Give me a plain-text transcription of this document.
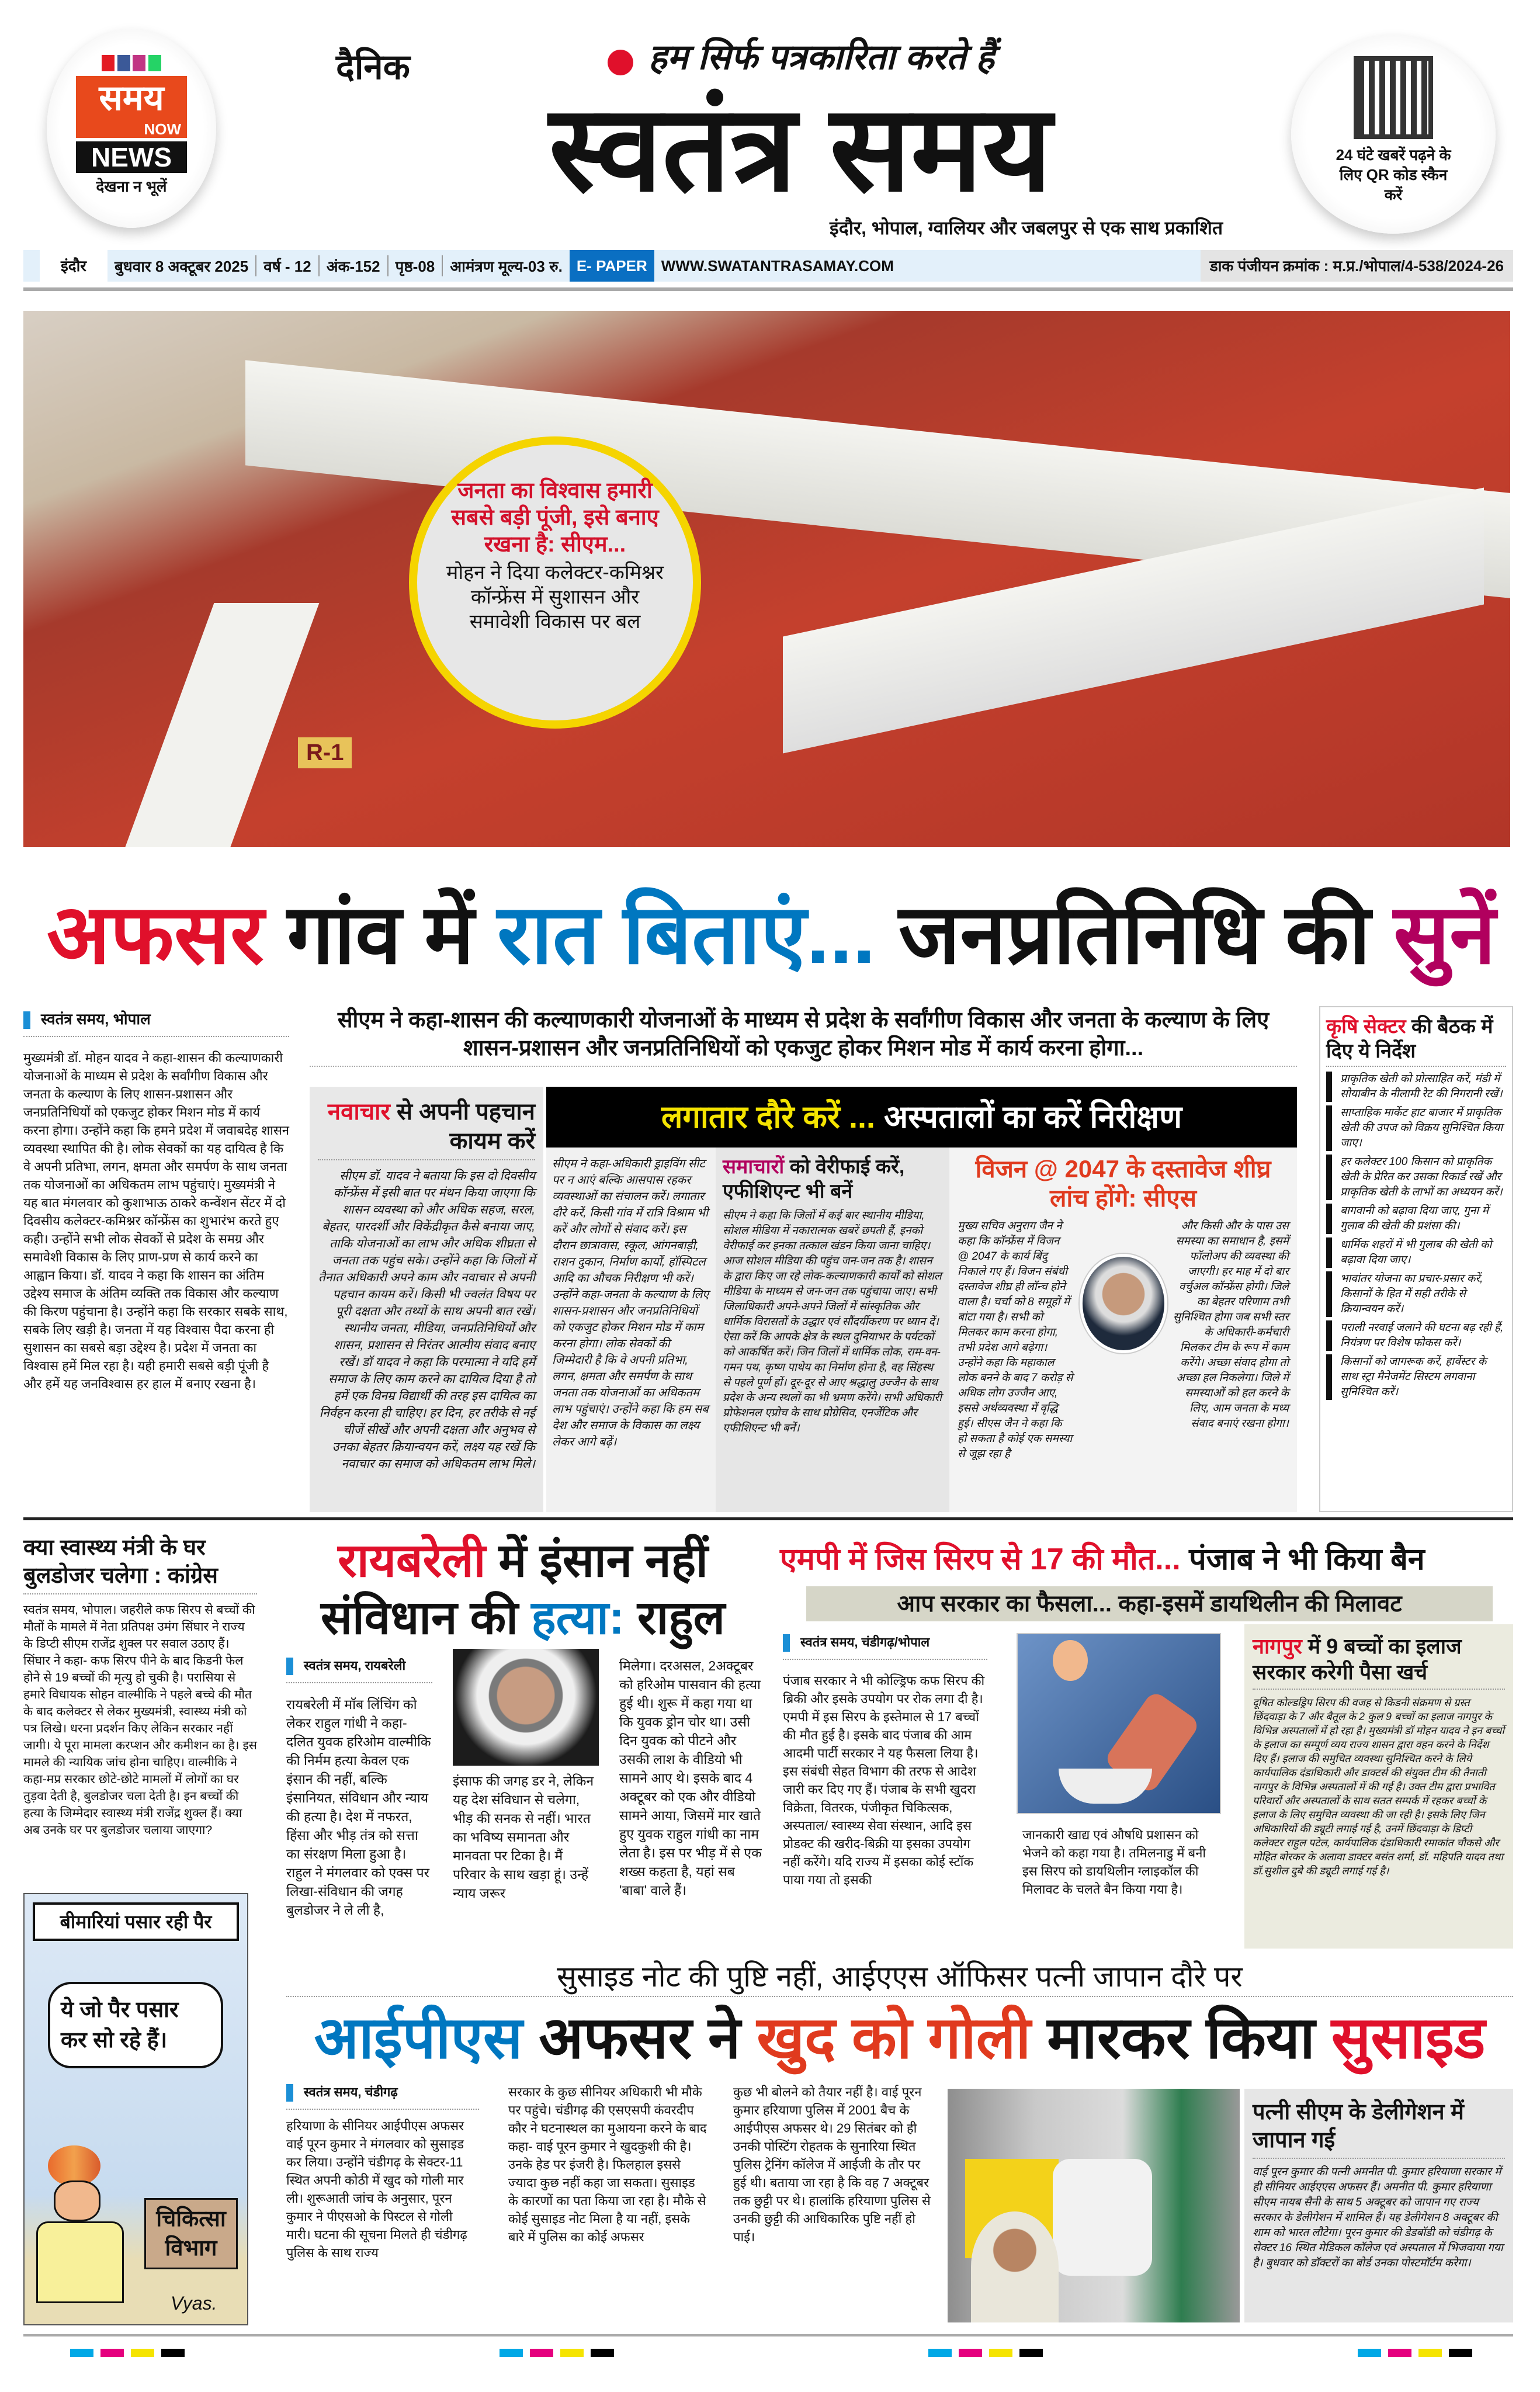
समय
NOW
NEWS
देखना न भूलें
दैनिक	हम सिर्फ पत्रकारिता करते हैं
स्वतंत्र समय
इंदौर, भोपाल, ग्वालियर और जबलपुर से एक साथ प्रकाशित
24 घंटे खबरें पढ़ने के लिए QR कोड स्कैन करें
इंदौर	बुधवार 8 अक्टूबर 2025	वर्ष - 12	अंक-152	पृष्ठ-08	आमंत्रण मूल्य-03 रु. E- PAPER WWW.SWATANTRASAMAY.COM	डाक पंजीयन क्रमांक : म.प्र./भोपाल/4-538/2024-26
R-1
जनता का विश्वास हमारी सबसे बड़ी पूंजी, इसे बनाए रखना है: सीएम...
मोहन ने दिया कलेक्टर-कमिश्नर कॉन्फ्रेंस में सुशासन और समावेशी विकास पर बल
अफसर गांव में रात बिताएं... जनप्रतिनिधि की सुनें
स्वतंत्र समय, भोपाल

मुख्यमंत्री डॉ. मोहन यादव ने कहा-शासन की कल्याणकारी योजनाओं के माध्यम से प्रदेश के सर्वांगीण विकास और जनता के कल्याण के लिए शासन-प्रशासन और जनप्रतिनिधियों को एकजुट होकर मिशन मोड में कार्य करना होगा। उन्होंने कहा कि हमने प्रदेश में जवाबदेह शासन व्यवस्था स्थापित की है। लोक सेवकों का यह दायित्व है कि वे अपनी प्रतिभा, लगन, क्षमता और समर्पण के साथ जनता तक योजनाओं का अधिकतम लाभ पहुंचाएं। मुख्यमंत्री ने यह बात मंगलवार को कुशाभाऊ ठाकरे कन्वेंशन सेंटर में दो दिवसीय कलेक्टर-कमिश्नर कॉन्फ्रेंस का शुभारंभ करते हुए कही। उन्होंने सभी लोक सेवकों से प्रदेश के समग्र और समावेशी विकास के लिए प्राण-प्रण से कार्य करने का आह्वान किया। डॉ. यादव ने कहा कि शासन का अंतिम उद्देश्य समाज के अंतिम व्यक्ति तक विकास और कल्याण की किरण पहुंचाना है। उन्होंने कहा कि सरकार सबके साथ, सबके लिए खड़ी है। जनता में यह विश्वास पैदा करना ही सुशासन का सबसे बड़ा उद्देश्य है। प्रदेश में जनता का विश्वास हमें मिल रहा है। यही हमारी सबसे बड़ी पूंजी है और हमें यह जनविश्वास हर हाल में बनाए रखना है।

सीएम ने कहा-शासन की कल्याणकारी योजनाओं के माध्यम से प्रदेश के सर्वांगीण विकास और जनता के कल्याण के लिए शासन-प्रशासन और जनप्रतिनिधियों को एकजुट होकर मिशन मोड में कार्य करना होगा...
नवाचार से अपनी पहचान कायम करें

सीएम डॉ. यादव ने बताया कि इस दो दिवसीय कॉन्फ्रेंस में इसी बात पर मंथन किया जाएगा कि शासन व्यवस्था को और अधिक सहज, सरल, बेहतर, पारदर्शी और विकेंद्रीकृत कैसे बनाया जाए, ताकि योजनाओं का लाभ और अधिक शीघ्रता से जनता तक पहुंच सके। उन्होंने कहा कि जिलों में तैनात अधिकारी अपने काम और नवाचार से अपनी पहचान कायम करें। किसी भी ज्वलंत विषय पर पूरी दक्षता और तथ्यों के साथ अपनी बात रखें। स्थानीय जनता, मीडिया, जनप्रतिनिधियों और शासन, प्रशासन से निरंतर आत्मीय संवाद बनाए रखें। डॉ यादव ने कहा कि परमात्मा ने यदि हमें समाज के लिए काम करने का दायित्व दिया है तो हमें एक विनम्र विद्यार्थी की तरह इस दायित्व का निर्वहन करना ही चाहिए। हर दिन, हर तरीके से नई चीजें सीखें और अपनी दक्षता और अनुभव से उनका बेहतर क्रियान्वयन करें, लक्ष्य यह रखें कि नवाचार का समाज को अधिकतम लाभ मिले।

लगातार दौरे करें ... अस्पतालों का करें निरीक्षण

सीएम ने कहा-अधिकारी ड्राइविंग सीट पर न आएं बल्कि आसपास रहकर व्यवस्थाओं का संचालन करें। लगातार दौरे करें, किसी गांव में रात्रि विश्राम भी करें और लोगों से संवाद करें। इस दौरान छात्रावास, स्कूल, आंगनबाड़ी, राशन दुकान, निर्माण कार्यों, हॉस्पिटल आदि का औचक निरीक्षण भी करें। उन्होंने कहा-जनता के कल्याण के लिए शासन-प्रशासन और जनप्रतिनिधियों को एकजुट होकर मिशन मोड में काम करना होगा। लोक सेवकों की जिम्मेदारी है कि वे अपनी प्रतिभा, लगन, क्षमता और समर्पण के साथ जनता तक योजनाओं का अधिकतम लाभ पहुंचाएं। उन्होंने कहा कि हम सब देश और समाज के विकास का लक्ष्य लेकर आगे बढ़ें।

समाचारों को वेरीफाई करें, एफीशिएन्ट भी बनें

सीएम ने कहा कि जिलों में कई बार स्थानीय मीडिया, सोशल मीडिया में नकारात्मक खबरें छपती हैं, इनको वेरीफाई कर इनका तत्काल खंडन किया जाना चाहिए। आज सोशल मीडिया की पहुंच जन-जन तक है। शासन के द्वारा किए जा रहे लोक-कल्याणकारी कार्यों को सोशल मीडिया के माध्यम से जन-जन तक पहुंचाया जाए। सभी जिलाधिकारी अपने-अपने जिलों में सांस्कृतिक और धार्मिक विरासतों के उद्धार एवं सौंदर्यीकरण पर ध्यान दें। ऐसा करें कि आपके क्षेत्र के स्थल दुनियाभर के पर्यटकों को आकर्षित करें। जिन जिलों में धार्मिक लोक, राम-वन-गमन पथ, कृष्ण पाथेय का निर्माण होना है, वह सिंहस्थ से पहले पूर्ण हों। दूर-दूर से आए श्रद्धालु उज्जैन के साथ प्रदेश के अन्य स्थलों का भी भ्रमण करेंगे। सभी अधिकारी प्रोफेशनल एप्रोच के साथ प्रोग्रेसिव, एनर्जेटिक और एफीशिएन्ट भी बनें।

विजन @ 2047 के दस्तावेज शीघ्र लांच होंगे: सीएस

मुख्य सचिव अनुराग जैन ने कहा कि कॉन्फ्रेंस में विजन @ 2047 के कार्य बिंदु निकाले गए हैं। विजन संबंधी दस्तावेज शीघ्र ही लॉन्च होने वाला है। चर्चा को 8 समूहों में बांटा गया है। सभी को मिलकर काम करना होगा, तभी प्रदेश आगे बढ़ेगा। उन्होंने कहा कि महाकाल लोक बनने के बाद 7 करोड़ से अधिक लोग उज्जैन आए, इससे अर्थव्यवस्था में वृद्धि हुई। सीएस जैन ने कहा कि हो सकता है कोई एक समस्या से जूझ रहा है

और किसी और के पास उस समस्या का समाधान है, इसमें फॉलोअप की व्यवस्था की जाएगी। हर माह में दो बार वर्चुअल कॉन्फ्रेंस होगी। जिले का बेहतर परिणाम तभी सुनिश्चित होगा जब सभी स्तर के अधिकारी-कर्मचारी मिलकर टीम के रूप में काम करेंगे। अच्छा संवाद होगा तो अच्छा हल निकलेगा। जिले में समस्याओं को हल करने के लिए, आम जनता के मध्य संवाद बनाएं रखना होगा।

कृषि सेक्टर की बैठक में दिए ये निर्देश
प्राकृतिक खेती को प्रोत्साहित करें, मंडी में सोयाबीन के नीलामी रेट की निगरानी रखें।
साप्ताहिक मार्केट हाट बाजार में प्राकृतिक खेती की उपज को विक्रय सुनिश्चित किया जाए।
हर कलेक्टर 100 किसान को प्राकृतिक खेती के प्रेरित कर उसका रिकार्ड रखें और प्राकृतिक खेती के लाभों का अध्ययन करें।
बागवानी को बढ़ावा दिया जाए, गुना में गुलाब की खेती की प्रशंसा की।
धार्मिक शहरों में भी गुलाब की खेती को बढ़ावा दिया जाए।
भावांतर योजना का प्रचार-प्रसार करें, किसानों के हित में सही तरीके से क्रियान्वयन करें।
पराली नरवाई जलाने की घटना बढ़ रही हैं, नियंत्रण पर विशेष फोकस करें।
किसानों को जागरूक करें, हार्वेस्टर के साथ स्ट्रा मैनेजमेंट सिस्टम लगवाना सुनिश्चित करें।
क्या स्वास्थ्य मंत्री के घर बुलडोजर चलेगा : कांग्रेस

स्वतंत्र समय, भोपाल। जहरीले कफ सिरप से बच्चों की मौतों के मामले में नेता प्रतिपक्ष उमंग सिंघार ने राज्य के डिप्टी सीएम राजेंद्र शुक्ल पर सवाल उठाए हैं। सिंघार ने कहा- कफ सिरप पीने के बाद किडनी फेल होने से 19 बच्चों की मृत्यु हो चुकी है। परासिया से हमारे विधायक सोहन वाल्मीकि ने पहले बच्चे की मौत के बाद कलेक्टर से लेकर मुख्यमंत्री, स्वास्थ्य मंत्री को पत्र लिखे। धरना प्रदर्शन किए लेकिन सरकार नहीं जागी। ये पूरा मामला करप्शन और कमीशन का है। इस मामले की न्यायिक जांच होना चाहिए। वाल्मीकि ने कहा-मप्र सरकार छोटे-छोटे मामलों में लोगों का घर तुड़वा देती है, बुलडोजर चला देती है। इन बच्चों की हत्या के जिम्मेदार स्वास्थ्य मंत्री राजेंद्र शुक्ल हैं। क्या अब उनके घर पर बुलडोजर चलाया जाएगा?

बीमारियां पसार रही पैर
ये जो पैर पसार कर सो रहे हैं।
चिकित्सा विभाग
Vyas.
रायबरेली में इंसान नहीं
संविधान की हत्या: राहुल
स्वतंत्र समय, रायबरेली

रायबरेली में मॉब लिंचिंग को लेकर राहुल गांधी ने कहा-दलित युवक हरिओम वाल्मीकि की निर्मम हत्या केवल एक इंसान की नहीं, बल्कि इंसानियत, संविधान और न्याय की हत्या है। देश में नफरत, हिंसा और भीड़ तंत्र को सत्ता का संरक्षण मिला हुआ है। राहुल ने मंगलवार को एक्स पर लिखा-संविधान की जगह बुलडोजर ने ले ली है,

इंसाफ की जगह डर ने, लेकिन यह देश संविधान से चलेगा, भीड़ की सनक से नहीं। भारत का भविष्य समानता और मानवता पर टिका है। मैं परिवार के साथ खड़ा हूं। उन्हें न्याय जरूर

मिलेगा। दरअसल, 2अक्टूबर को हरिओम पासवान की हत्या हुई थी। शुरू में कहा गया था कि युवक ड्रोन चोर था। उसी दिन युवक को पीटने और उसकी लाश के वीडियो भी सामने आए थे। इसके बाद 4 अक्टूबर को एक और वीडियो सामने आया, जिसमें मार खाते हुए युवक राहुल गांधी का नाम लेता है। इस पर भीड़ में से एक शख्स कहता है, यहां सब 'बाबा' वाले हैं।

एमपी में जिस सिरप से 17 की मौत... पंजाब ने भी किया बैन
आप सरकार का फैसला... कहा-इसमें डायथिलीन की मिलावट
स्वतंत्र समय, चंडीगढ़/भोपाल

पंजाब सरकार ने भी कोल्ड्रिफ कफ सिरप की ब्रिकी और इसके उपयोग पर रोक लगा दी है। एमपी में इस सिरप के इस्तेमाल से 17 बच्चों की मौत हुई है। इसके बाद पंजाब की आम आदमी पार्टी सरकार ने यह फैसला लिया है। इस संबंधी सेहत विभाग की तरफ से आदेश जारी कर दिए गए हैं। पंजाब के सभी खुदरा विक्रेता, वितरक, पंजीकृत चिकित्सक, अस्पताल/ स्वास्थ्य सेवा संस्थान, आदि इस प्रोडक्ट की खरीद-बिक्री या इसका उपयोग नहीं करेंगे। यदि राज्य में इसका कोई स्टॉक पाया गया तो इसकी

जानकारी खाद्य एवं औषधि प्रशासन को भेजने को कहा गया है। तमिलनाडु में बनी इस सिरप को डायथिलीन ग्लाइकॉल की मिलावट के चलते बैन किया गया है।

नागपुर में 9 बच्चों का इलाज सरकार करेगी पैसा खर्च

दूषित कोल्डड्रिप सिरप की वजह से किडनी संक्रमण से ग्रस्त छिंदवाड़ा के 7 और बैतूल के 2 कुल 9 बच्चों का इलाज नागपुर के विभिन्न अस्पतालों में हो रहा है। मुख्यमंत्री डॉ मोहन यादव ने इन बच्चों के इलाज का सम्पूर्ण व्यय राज्य शासन द्वारा वहन करने के निर्देश दिए हैं। इलाज की समुचित व्यवस्था सुनिश्चित करने के लिये कार्यपालिक दंडाधिकारी और डाक्टर्स की संयुक्त टीम की तैनाती नागपुर के विभिन्न अस्पतालों में की गई है। उक्त टीम द्वारा प्रभावित परिवारों और अस्पतालों के साथ सतत सम्पर्क में रहकर बच्चों के इलाज के लिए समुचित व्यवस्था की जा रही है। इसके लिए जिन अधिकारियों की ड्यूटी लगाई गई है, उनमें छिंदवाड़ा के डिप्टी कलेक्टर राहुल पटेल, कार्यपालिक दंडाधिकारी रमाकांत चौकसे और मोहित बोरकर के अलावा डाक्टर बसंत शर्मा, डॉ. महिपति यादव तथा डॉ.सुशील दुबे की ड्यूटी लगाई गई है।

सुसाइड नोट की पुष्टि नहीं, आईएएस ऑफिसर पत्नी जापान दौरे पर
आईपीएस अफसर ने खुद को गोली मारकर किया सुसाइड
स्वतंत्र समय, चंडीगढ़

हरियाणा के सीनियर आईपीएस अफसर वाई पूरन कुमार ने मंगलवार को सुसाइड कर लिया। उन्होंने चंडीगढ़ के सेक्टर-11 स्थित अपनी कोठी में खुद को गोली मार ली। शुरूआती जांच के अनुसार, पूरन कुमार ने पीएसओ के पिस्टल से गोली मारी। घटना की सूचना मिलते ही चंडीगढ़ पुलिस के साथ राज्य

सरकार के कुछ सीनियर अधिकारी भी मौके पर पहुंचे। चंडीगढ़ की एसएसपी कंवरदीप कौर ने घटनास्थल का मुआयना करने के बाद कहा- वाई पूरन कुमार ने खुदकुशी की है। उनके हेड पर इंजरी है। फिलहाल इससे ज्यादा कुछ नहीं कहा जा सकता। सुसाइड के कारणों का पता किया जा रहा है। मौके से कोई सुसाइड नोट मिला है या नहीं, इसके बारे में पुलिस का कोई अफसर

कुछ भी बोलने को तैयार नहीं है। वाई पूरन कुमार हरियाणा पुलिस में 2001 बैच के आईपीएस अफसर थे। 29 सितंबर को ही उनकी पोस्टिंग रोहतक के सुनारिया स्थित पुलिस ट्रेनिंग कॉलेज में आईजी के तौर पर हुई थी। बताया जा रहा है कि वह 7 अक्टूबर तक छुट्टी पर थे। हालांकि हरियाणा पुलिस से उनकी छुट्टी की आधिकारिक पुष्टि नहीं हो पाई।

पत्नी सीएम के डेलीगेशन में जापान गई

वाई पूरन कुमार की पत्नी अमनीत पी. कुमार हरियाणा सरकार में ही सीनियर आईएएस अफसर हैं। अमनीत पी. कुमार हरियाणा सीएम नायब सैनी के साथ 5 अक्टूबर को जापान गए राज्य सरकार के डेलीगेशन में शामिल हैं। यह डेलीगेशन 8 अक्टूबर की शाम को भारत लौटेगा। पूरन कुमार की डेडबॉडी को चंडीगढ़ के सेक्टर 16 स्थित मेडिकल कॉलेज एवं अस्पताल में भिजवाया गया है। बुधवार को डॉक्टरों का बोर्ड उनका पोस्टमॉर्टम करेगा।
